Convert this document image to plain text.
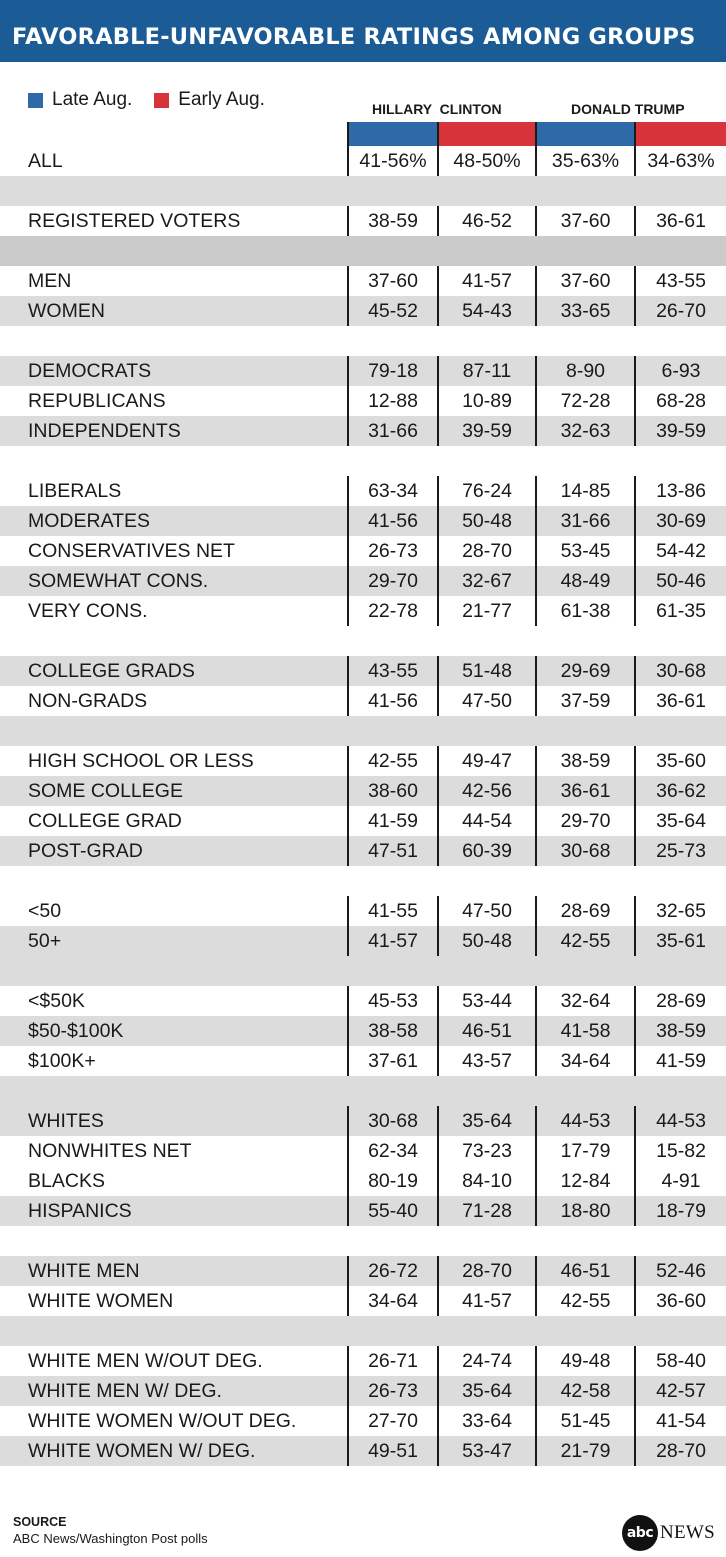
FAVORABLE-UNFAVORABLE RATINGS AMONG GROUPS
Late Aug. Early Aug.	HILLARY  CLINTON	DONALD TRUMP
ALL	41-56%	48-50%	35-63%	34-63%
REGISTERED VOTERS	38-59	46-52	37-60	36-61
MEN	37-60	41-57	37-60	43-55
WOMEN	45-52	54-43	33-65	26-70
DEMOCRATS	79-18	87-11	8-90	6-93
REPUBLICANS	12-88	10-89	72-28	68-28
INDEPENDENTS	31-66	39-59	32-63	39-59
LIBERALS	63-34	76-24	14-85	13-86
MODERATES	41-56	50-48	31-66	30-69
CONSERVATIVES NET	26-73	28-70	53-45	54-42
SOMEWHAT CONS.	29-70	32-67	48-49	50-46
VERY CONS.	22-78	21-77	61-38	61-35
COLLEGE GRADS	43-55	51-48	29-69	30-68
NON-GRADS	41-56	47-50	37-59	36-61
HIGH SCHOOL OR LESS	42-55	49-47	38-59	35-60
SOME COLLEGE	38-60	42-56	36-61	36-62
COLLEGE GRAD	41-59	44-54	29-70	35-64
POST-GRAD	47-51	60-39	30-68	25-73
<50	41-55	47-50	28-69	32-65
50+	41-57	50-48	42-55	35-61
<$50K	45-53	53-44	32-64	28-69
$50-$100K	38-58	46-51	41-58	38-59
$100K+	37-61	43-57	34-64	41-59
WHITES	30-68	35-64	44-53	44-53
NONWHITES NET	62-34	73-23	17-79	15-82
BLACKS	80-19	84-10	12-84	4-91
HISPANICS	55-40	71-28	18-80	18-79
WHITE MEN	26-72	28-70	46-51	52-46
WHITE WOMEN	34-64	41-57	42-55	36-60
WHITE MEN W/OUT DEG.	26-71	24-74	49-48	58-40
WHITE MEN W/ DEG.	26-73	35-64	42-58	42-57
WHITE WOMEN W/OUT DEG.	27-70	33-64	51-45	41-54
WHITE WOMEN W/ DEG.	49-51	53-47	21-79	28-70
SOURCE
ABC News/Washington Post polls	abc NEWS
